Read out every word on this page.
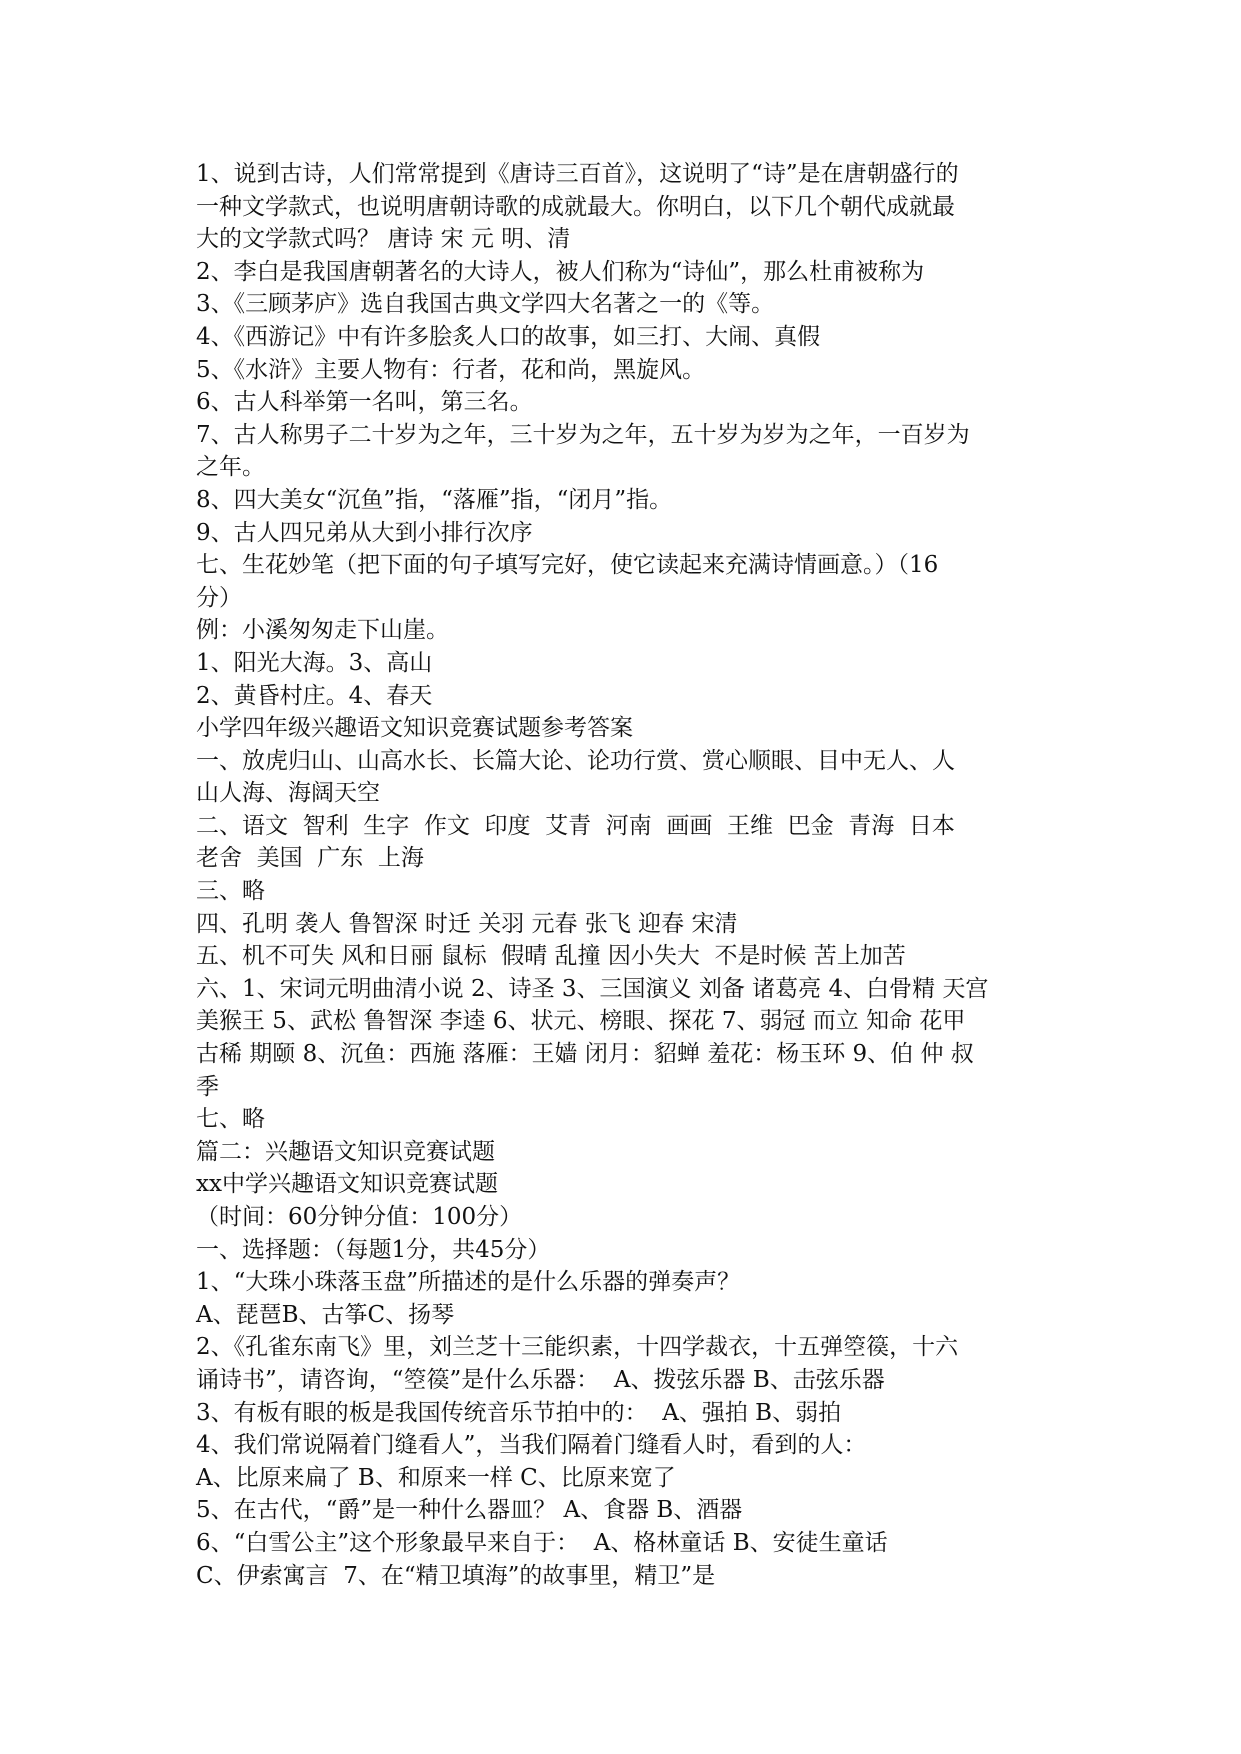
1、说到古诗，人们常常提到《唐诗三百首》，这说明了“诗”是在唐朝盛行的
一种文学款式，也说明唐朝诗歌的成就最大。你明白，以下几个朝代成就最
大的文学款式吗？ 唐诗 宋 元 明、清
2、李白是我国唐朝著名的大诗人，被人们称为“诗仙”，那么杜甫被称为
3、《三顾茅庐》选自我国古典文学四大名著之一的《等。
4、《西游记》中有许多脍炙人口的故事，如三打、大闹、真假
5、《水浒》主要人物有：行者，花和尚，黑旋风。
6、古人科举第一名叫，第三名。
7、古人称男子二十岁为之年，三十岁为之年，五十岁为岁为之年，一百岁为
之年。
8、四大美女“沉鱼”指，“落雁”指，“闭月”指。
9、古人四兄弟从大到小排行次序
七、生花妙笔（把下面的句子填写完好，使它读起来充满诗情画意。）（16
分）
例：小溪匆匆走下山崖。
1、阳光大海。3、高山
2、黄昏村庄。4、春天
小学四年级兴趣语文知识竞赛试题参考答案
一、放虎归山、山高水长、长篇大论、论功行赏、赏心顺眼、目中无人、人
山人海、海阔天空
二、语文  智利  生字  作文  印度  艾青  河南  画画  王维  巴金  青海  日本
老舍  美国  广东  上海
三、略
四、孔明 袭人 鲁智深 时迁 关羽 元春 张飞 迎春 宋清
五、机不可失 风和日丽 鼠标  假晴 乱撞 因小失大  不是时候 苦上加苦
六、1、宋词元明曲清小说 2、诗圣 3、三国演义 刘备 诸葛亮 4、白骨精 天宫
美猴王 5、武松 鲁智深 李逵 6、状元、榜眼、探花 7、弱冠 而立 知命 花甲
古稀 期颐 8、沉鱼：西施 落雁：王嫱 闭月：貂蝉 羞花：杨玉环 9、伯 仲 叔
季
七、略
篇二：兴趣语文知识竞赛试题
xx中学兴趣语文知识竞赛试题
（时间：60分钟分值：100分）
一、选择题：（每题1分，共45分）
1、“大珠小珠落玉盘”所描述的是什么乐器的弹奏声？
A、琵琶B、古筝C、扬琴
2、《孔雀东南飞》里，刘兰芝十三能织素，十四学裁衣，十五弹箜篌，十六
诵诗书”，请咨询，“箜篌”是什么乐器：  A、拨弦乐器 B、击弦乐器
3、有板有眼的板是我国传统音乐节拍中的：  A、强拍 B、弱拍
4、我们常说隔着门缝看人”，当我们隔着门缝看人时，看到的人：
A、比原来扁了 B、和原来一样 C、比原来宽了
5、在古代，“爵”是一种什么器皿？ A、食器 B、酒器
6、“白雪公主”这个形象最早来自于：  A、格林童话 B、安徒生童话
C、伊索寓言  7、在“精卫填海”的故事里，精卫”是
